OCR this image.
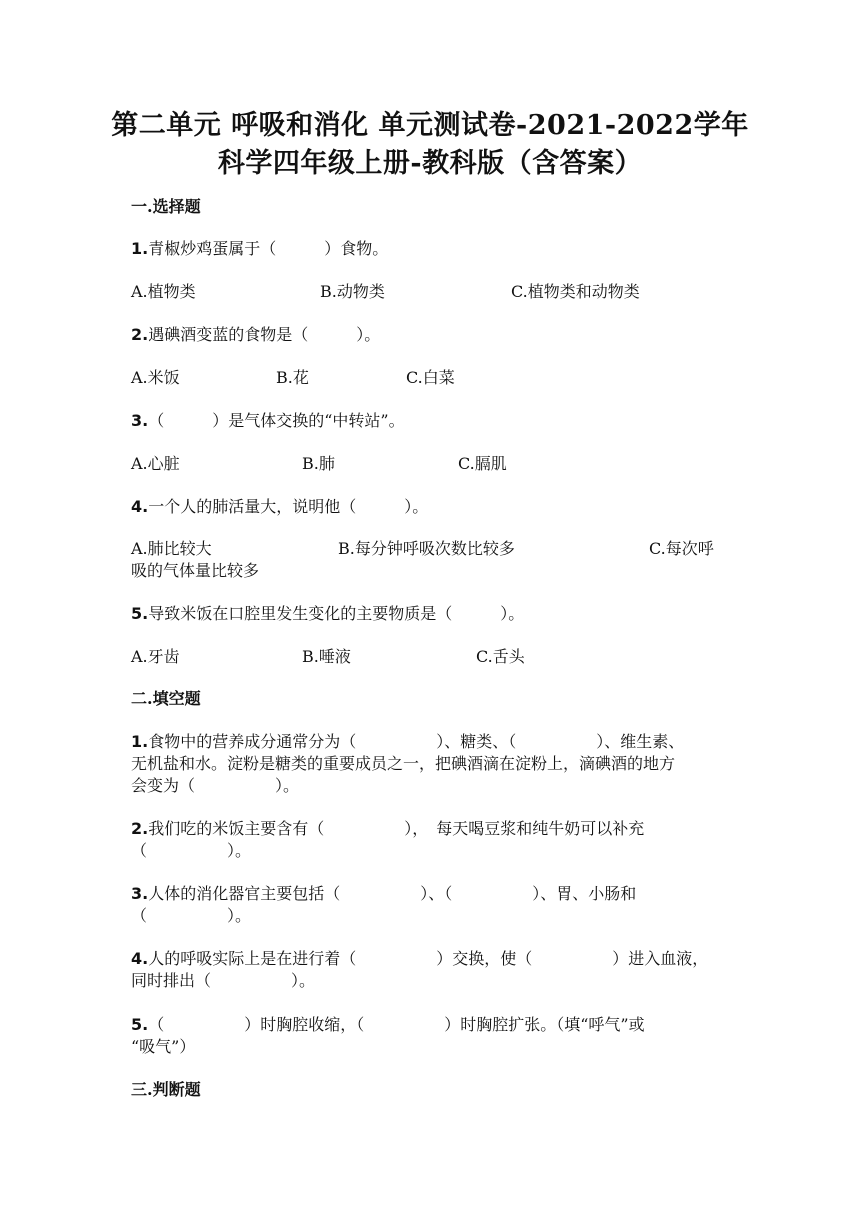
第二单元 呼吸和消化 单元测试卷-2021-2022学年
科学四年级上册-教科版（含答案）
一.选择题
1.青椒炒鸡蛋属于（　　　）食物。
A.植物类	B.动物类	C.植物类和动物类
2.遇碘酒变蓝的食物是（　　　）。
A.米饭	B.花	C.白菜
3.（　　　）是气体交换的“中转站”。
A.心脏	B.肺	C.膈肌
4.一个人的肺活量大，说明他（　　　）。
A.肺比较大	B.每分钟呼吸次数比较多	C.每次呼
吸的气体量比较多
5.导致米饭在口腔里发生变化的主要物质是（　　　）。
A.牙齿	B.唾液	C.舌头
二.填空题
1.食物中的营养成分通常分为（　　　　　）、糖类、（　　　　　）、维生素、
无机盐和水。淀粉是糖类的重要成员之一，把碘酒滴在淀粉上，滴碘酒的地方
会变为（　　　　　）。
2.我们吃的米饭主要含有（　　　　　），　每天喝豆浆和纯牛奶可以补充
（　　　　　）。
3.人体的消化器官主要包括（　　　　　）、（　　　　　）、胃、小肠和
（　　　　　）。
4.人的呼吸实际上是在进行着（　　　　　）交换，使（　　　　　）进入血液，
同时排出（　　　　　）。
5.（　　　　　）时胸腔收缩，（　　　　　）时胸腔扩张。（填“呼气”或
“吸气”）
三.判断题
